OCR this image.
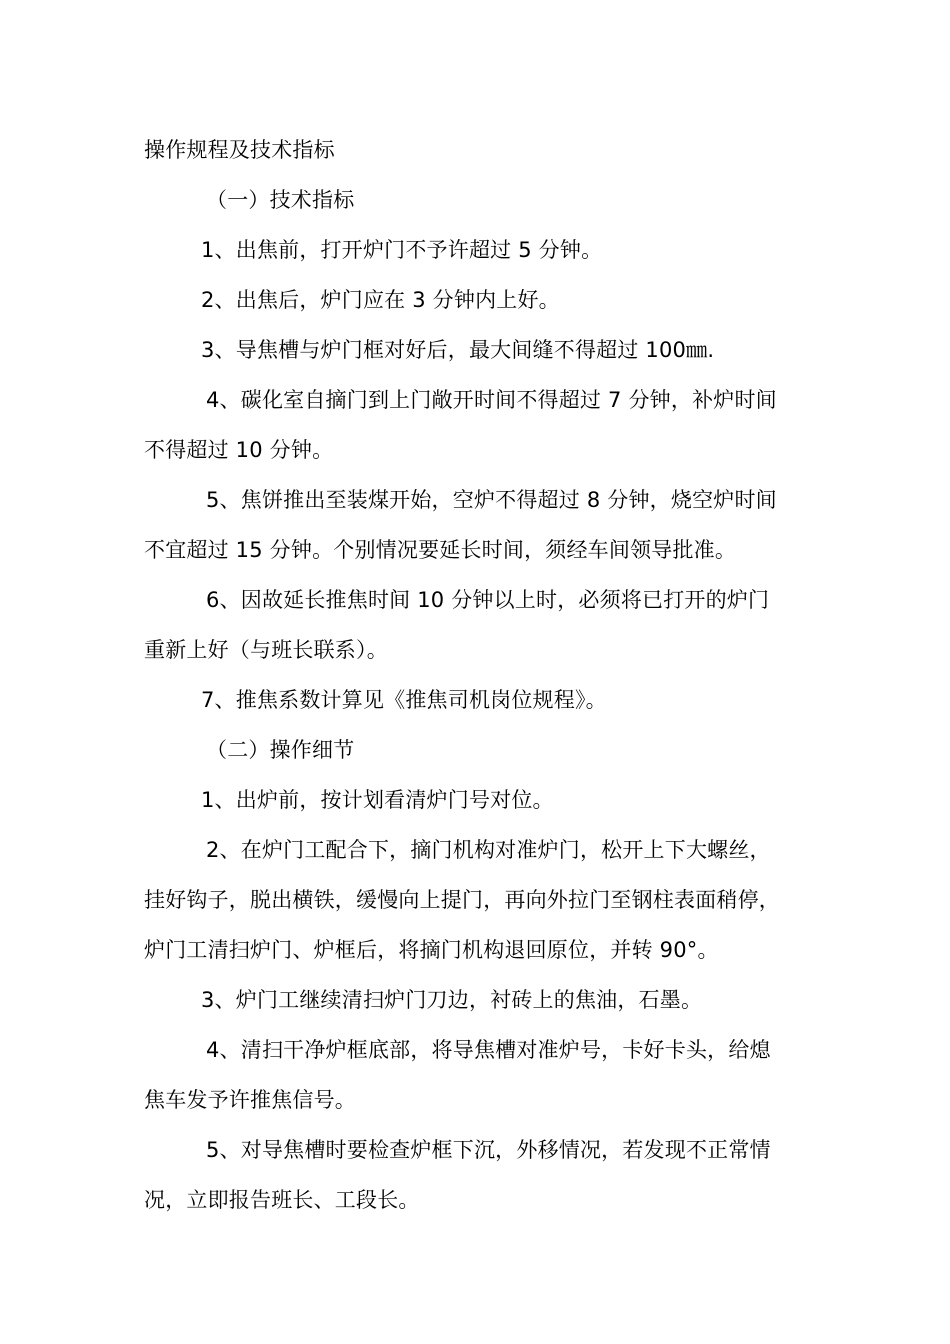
操作规程及技术指标
（一）技术指标
1、出焦前，打开炉门不予许超过 5 分钟。
2、出焦后，炉门应在 3 分钟内上好。
3、导焦槽与炉门框对好后，最大间缝不得超过 100㎜.
4、碳化室自摘门到上门敞开时间不得超过 7 分钟，补炉时间
不得超过 10 分钟。
5、焦饼推出至装煤开始，空炉不得超过 8 分钟，烧空炉时间
不宜超过 15 分钟。个别情况要延长时间，须经车间领导批准。
6、因故延长推焦时间 10 分钟以上时，必须将已打开的炉门
重新上好（与班长联系）。
7、推焦系数计算见《推焦司机岗位规程》。
（二）操作细节
1、出炉前，按计划看清炉门号对位。
2、在炉门工配合下，摘门机构对准炉门，松开上下大螺丝，
挂好钩子，脱出横铁，缓慢向上提门，再向外拉门至钢柱表面稍停，
炉门工清扫炉门、炉框后，将摘门机构退回原位，并转 90°。
3、炉门工继续清扫炉门刀边，衬砖上的焦油，石墨。
4、清扫干净炉框底部，将导焦槽对准炉号，卡好卡头，给熄
焦车发予许推焦信号。
5、对导焦槽时要检查炉框下沉，外移情况，若发现不正常情
况，立即报告班长、工段长。
